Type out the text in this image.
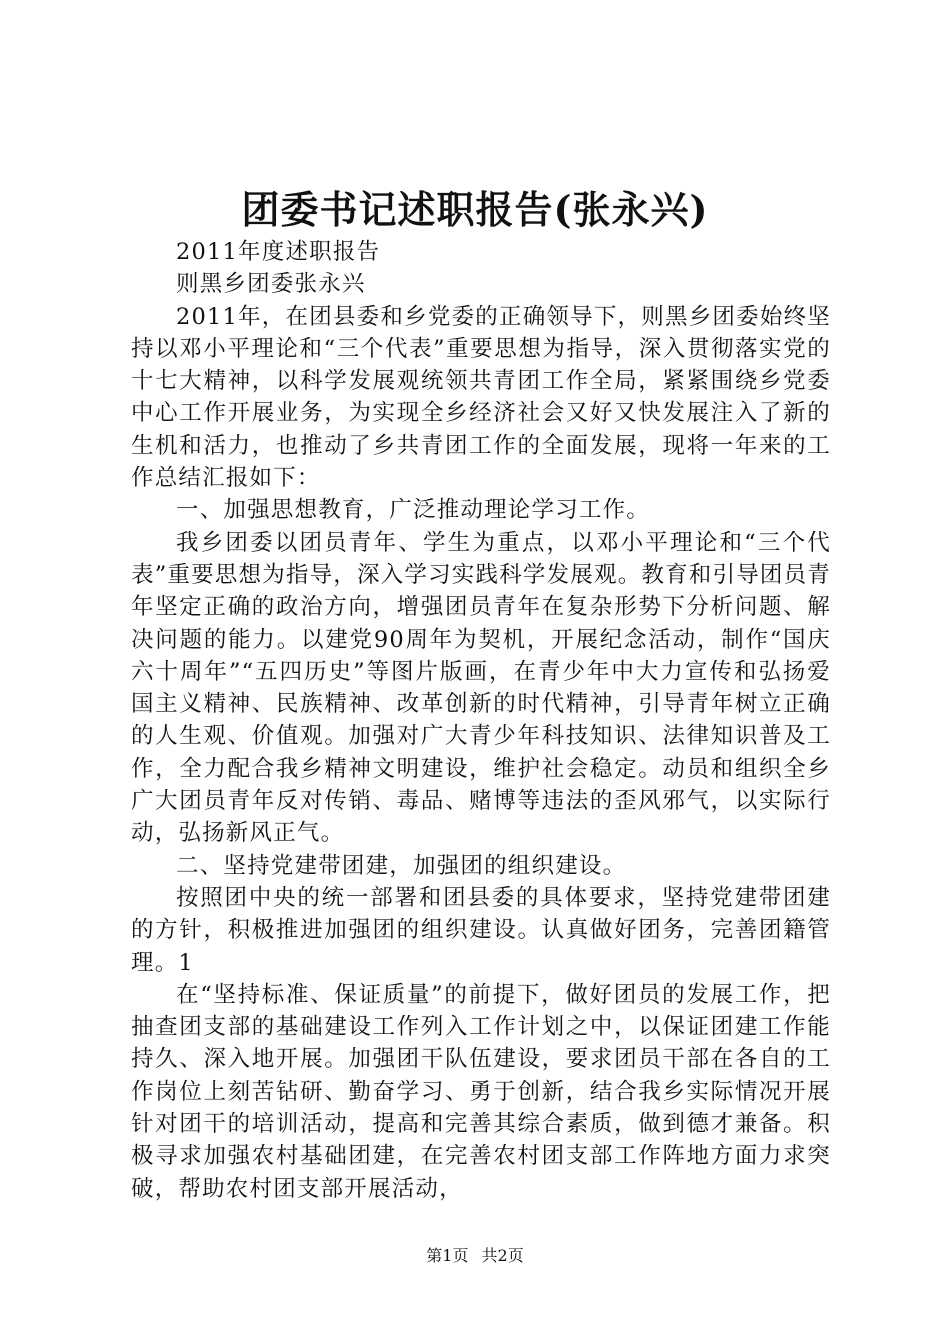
团委书记述职报告(张永兴)

2011年度述职报告

则黑乡团委张永兴

2011年，在团县委和乡党委的正确领导下，则黑乡团委始终坚持以邓小平理论和“三个代表”重要思想为指导，深入贯彻落实党的十七大精神，以科学发展观统领共青团工作全局，紧紧围绕乡党委中心工作开展业务，为实现全乡经济社会又好又快发展注入了新的生机和活力，也推动了乡共青团工作的全面发展，现将一年来的工作总结汇报如下：

一、加强思想教育，广泛推动理论学习工作。

我乡团委以团员青年、学生为重点，以邓小平理论和“三个代表”重要思想为指导，深入学习实践科学发展观。教育和引导团员青年坚定正确的政治方向，增强团员青年在复杂形势下分析问题、解决问题的能力。以建党90周年为契机，开展纪念活动，制作“国庆六十周年”“五四历史”等图片版画，在青少年中大力宣传和弘扬爱国主义精神、民族精神、改革创新的时代精神，引导青年树立正确的人生观、价值观。加强对广大青少年科技知识、法律知识普及工作，全力配合我乡精神文明建设，维护社会稳定。动员和组织全乡广大团员青年反对传销、毒品、赌博等违法的歪风邪气，以实际行动，弘扬新风正气。

二、坚持党建带团建，加强团的组织建设。

按照团中央的统一部署和团县委的具体要求，坚持党建带团建的方针，积极推进加强团的组织建设。认真做好团务，完善团籍管理。1

在“坚持标准、保证质量”的前提下，做好团员的发展工作，把抽查团支部的基础建设工作列入工作计划之中，以保证团建工作能持久、深入地开展。加强团干队伍建设，要求团员干部在各自的工作岗位上刻苦钻研、勤奋学习、勇于创新，结合我乡实际情况开展针对团干的培训活动，提高和完善其综合素质，做到德才兼备。积极寻求加强农村基础团建，在完善农村团支部工作阵地方面力求突破，帮助农村团支部开展活动，

第1页 共2页
